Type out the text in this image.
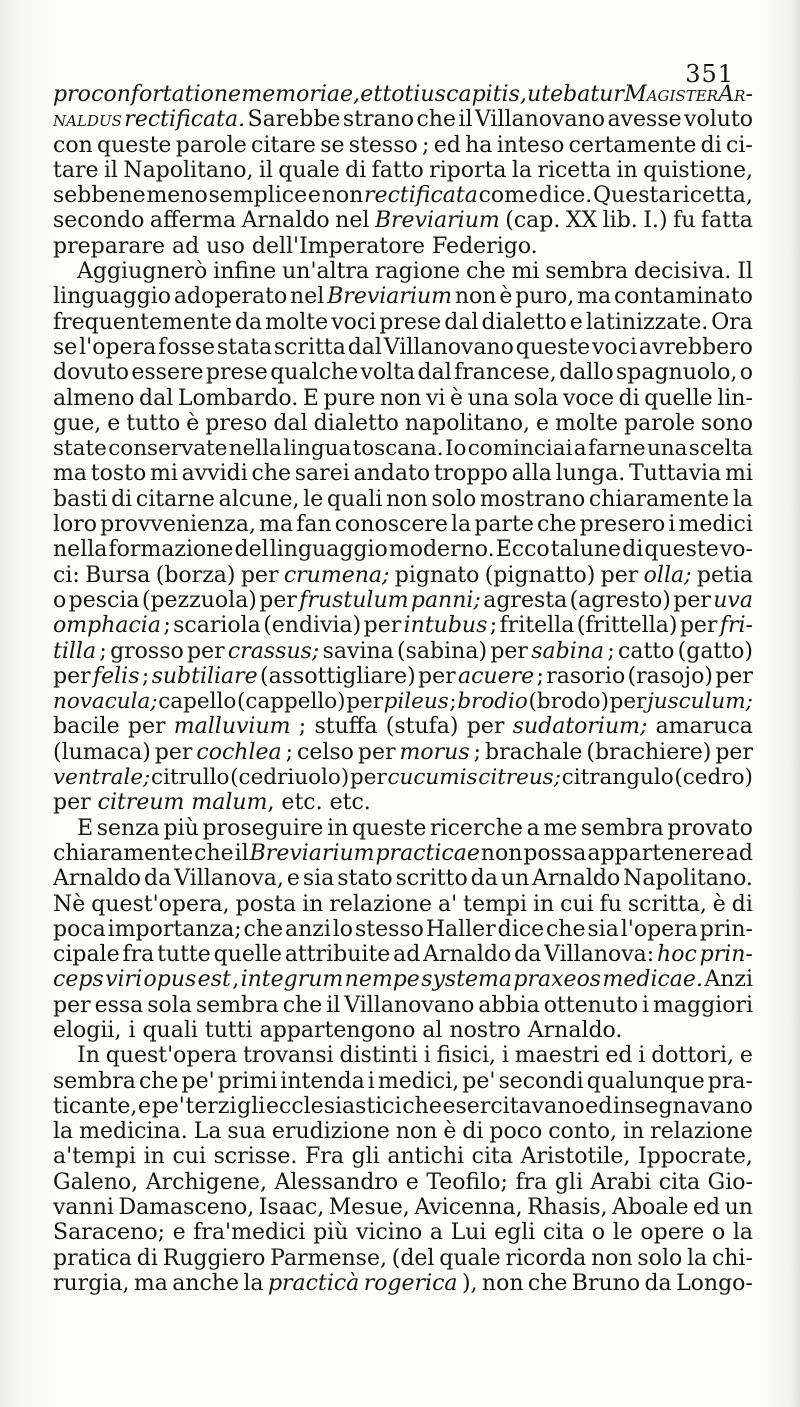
351
pro confortatione memoriae, et totius capitis, utebatur Magister Ar-
naldus rectificata. Sarebbe strano che il Villanovano avesse voluto
con queste parole citare se stesso ; ed ha inteso certamente di ci-
tare il Napolitano, il quale di fatto riporta la ricetta in quistione,
sebbene meno semplice e non rectificata come dice. Questa ricetta,
secondo afferma Arnaldo nel Breviarium (cap. XX lib. I.) fu fatta
preparare ad uso dell'Imperatore Federigo.
Aggiugnerò infine un'altra ragione che mi sembra decisiva. Il
linguaggio adoperato nel Breviarium non è puro, ma contaminato
frequentemente da molte voci prese dal dialetto e latinizzate. Ora
se l'opera fosse stata scritta dal Villanovano queste voci avrebbero
dovuto essere prese qualche volta dal francese, dallo spagnuolo, o
almeno dal Lombardo. E pure non vi è una sola voce di quelle lin-
gue, e tutto è preso dal dialetto napolitano, e molte parole sono
state conservate nella lingua toscana. Io cominciai a farne una scelta
ma tosto mi avvidi che sarei andato troppo alla lunga. Tuttavia mi
basti di citarne alcune, le quali non solo mostrano chiaramente la
loro provvenienza, ma fan conoscere la parte che presero i medici
nella formazione del linguaggio moderno. Ecco talune di queste vo-
ci: Bursa (borza) per crumena; pignato (pignatto) per olla; petia
o pescia (pezzuola) per frustulum panni; agresta (agresto) per uva
omphacia ; scariola (endivia) per intubus ; fritella (frittella) per fri-
tilla ; grosso per crassus; savina (sabina) per sabina ; catto (gatto)
per felis ; subtiliare (assottigliare) per acuere ; rasorio (rasojo) per
novacula; capello (cappello) per pileus ; brodio (brodo) per jusculum;
bacile per malluvium ; stuffa (stufa) per sudatorium; amaruca
(lumaca) per cochlea ; celso per morus ; brachale (brachiere) per
ventrale; citrullo (cedriuolo) per cucumis citreus; citrangulo (cedro)
per citreum malum , etc. etc.
E senza più proseguire in queste ricerche a me sembra provato
chiaramente che il Breviarium practicae non possa appartenere ad
Arnaldo da Villanova, e sia stato scritto da un Arnaldo Napolitano.
Nè quest'opera, posta in relazione a' tempi in cui fu scritta, è di
poca importanza; che anzi lo stesso Haller dice che sia l'opera prin-
cipale fra tutte quelle attribuite ad Arnaldo da Villanova: hoc prin-
ceps viri opus est , integrum nempe systema praxeos medicae. Anzi
per essa sola sembra che il Villanovano abbia ottenuto i maggiori
elogii, i quali tutti appartengono al nostro Arnaldo.
In quest'opera trovansi distinti i fisici, i maestri ed i dottori, e
sembra che pe' primi intenda i medici, pe' secondi qualunque pra-
ticante, e pe' terzi gli ecclesiastici che esercitavano ed insegnavano
la medicina. La sua erudizione non è di poco conto, in relazione
a'tempi in cui scrisse. Fra gli antichi cita Aristotile, Ippocrate,
Galeno, Archigene, Alessandro e Teofilo; fra gli Arabi cita Gio-
vanni Damasceno, Isaac, Mesue, Avicenna, Rhasis, Aboale ed un
Saraceno; e fra'medici più vicino a Lui egli cita o le opere o la
pratica di Ruggiero Parmense, (del quale ricorda non solo la chi-
rurgia, ma anche la practicà rogerica ), non che Bruno da Longo-
